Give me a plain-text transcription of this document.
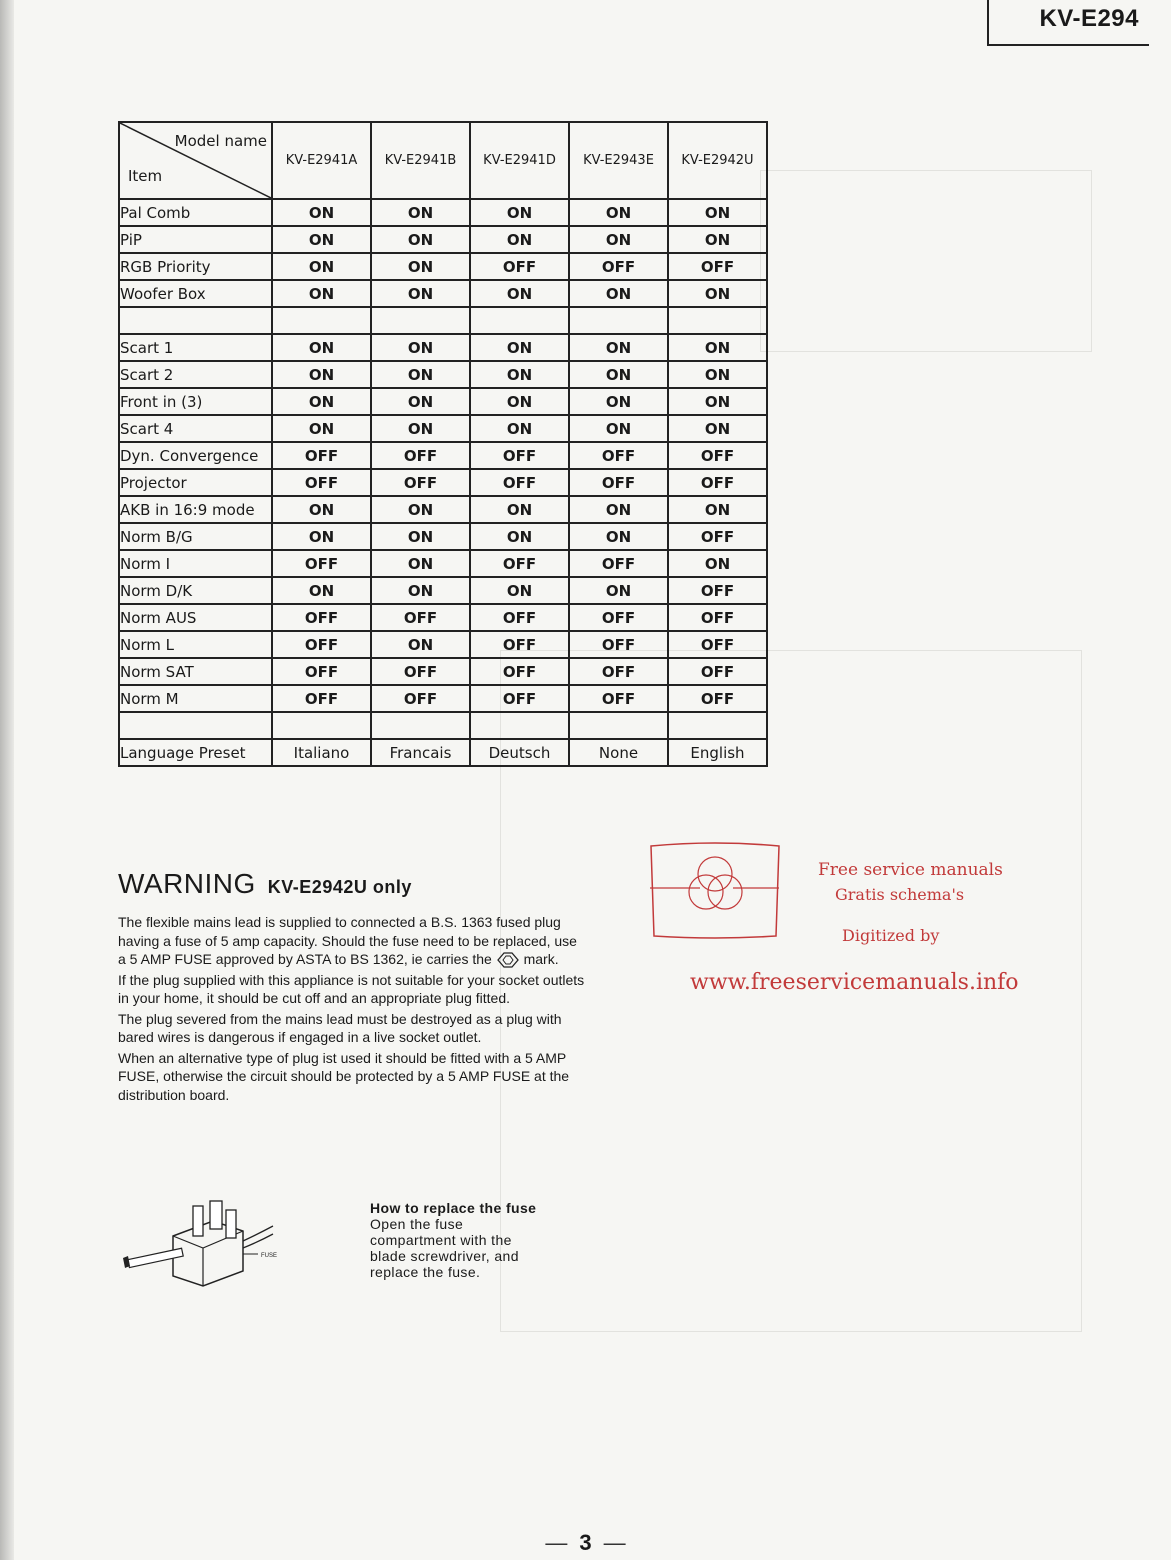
KV-E294
Model name
Item	KV-E2941A	KV-E2941B	KV-E2941D	KV-E2943E	KV-E2942U
Pal Comb	ON	ON	ON	ON	ON
PiP	ON	ON	ON	ON	ON
RGB Priority	ON	ON	OFF	OFF	OFF
Woofer Box	ON	ON	ON	ON	ON

Scart 1	ON	ON	ON	ON	ON
Scart 2	ON	ON	ON	ON	ON
Front in (3)	ON	ON	ON	ON	ON
Scart 4	ON	ON	ON	ON	ON
Dyn. Convergence	OFF	OFF	OFF	OFF	OFF
Projector	OFF	OFF	OFF	OFF	OFF
AKB in 16:9 mode	ON	ON	ON	ON	ON
Norm B/G	ON	ON	ON	ON	OFF
Norm I	OFF	ON	OFF	OFF	ON
Norm D/K	ON	ON	ON	ON	OFF
Norm AUS	OFF	OFF	OFF	OFF	OFF
Norm L	OFF	ON	OFF	OFF	OFF
Norm SAT	OFF	OFF	OFF	OFF	OFF
Norm M	OFF	OFF	OFF	OFF	OFF

Language Preset	Italiano	Francais	Deutsch	None	English
WARNING KV-E2942U only

The flexible mains lead is supplied to connected a B.S. 1363 fused plug having a fuse of 5 amp capacity. Should the fuse need to be replaced, use a 5 AMP FUSE approved by ASTA to BS 1362, ie carries the mark.

If the plug supplied with this appliance is not suitable for your socket outlets in your home, it should be cut off and an appropriate plug fitted.

The plug severed from the mains lead must be destroyed as a plug with bared wires is dangerous if engaged in a live socket outlet.

When an alternative type of plug ist used it should be fitted with a 5 AMP FUSE, otherwise the circuit should be protected by a 5 AMP FUSE at the distribution board.

FUSE
How to replace the fuse
Open the fuse compartment with the blade screwdriver, and replace the fuse.
Free service manuals
Gratis schema's
Digitized by
www.freeservicemanuals.info
— 3 —
